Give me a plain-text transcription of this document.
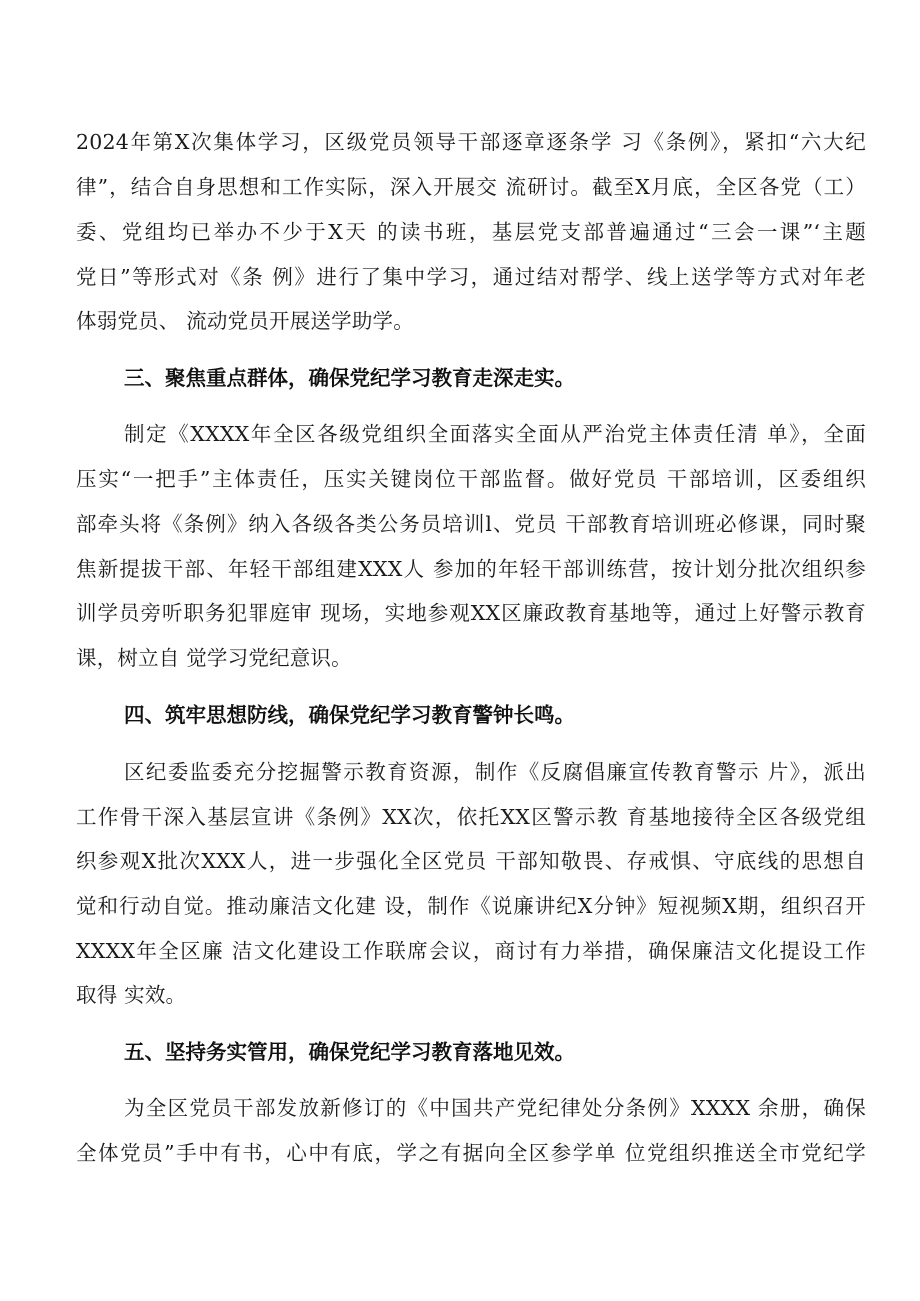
2024年第X次集体学习，区级党员领导干部逐章逐条学 习《条例》，紧扣“六大纪
律”，结合自身思想和工作实际，深入开展交 流研讨。截至X月底，全区各党（工）
委、党组均已举办不少于X天 的读书班，基层党支部普遍通过“三会一课”‘主题
党日”等形式对《条 例》进行了集中学习，通过结对帮学、线上送学等方式对年老
体弱党员、 流动党员开展送学助学。
三、聚焦重点群体，确保党纪学习教育走深走实。
制定《XXXX年全区各级党组织全面落实全面从严治党主体责任清 单》，全面
压实“一把手”主体责任，压实关键岗位干部监督。做好党员 干部培训，区委组织
部牵头将《条例》纳入各级各类公务员培训l、党员 干部教育培训班必修课，同时聚
焦新提拔干部、年轻干部组建XXX人 参加的年轻干部训练营，按计划分批次组织参
训学员旁听职务犯罪庭审 现场，实地参观XX区廉政教育基地等，通过上好警示教育
课，树立自 觉学习党纪意识。
四、筑牢思想防线，确保党纪学习教育警钟长鸣。
区纪委监委充分挖掘警示教育资源，制作《反腐倡廉宣传教育警示 片》，派出
工作骨干深入基层宣讲《条例》XX次，依托XX区警示教 育基地接待全区各级党组
织参观X批次XXX人，进一步强化全区党员 干部知敬畏、存戒惧、守底线的思想自
觉和行动自觉。推动廉洁文化建 设，制作《说廉讲纪X分钟》短视频X期，组织召开
XXXX年全区廉 洁文化建设工作联席会议，商讨有力举措，确保廉洁文化提设工作
取得 实效。
五、坚持务实管用，确保党纪学习教育落地见效。
为全区党员干部发放新修订的《中国共产党纪律处分条例》XXXX 余册，确保
全体党员”手中有书，心中有底，学之有据向全区参学单 位党组织推送全市党纪学
